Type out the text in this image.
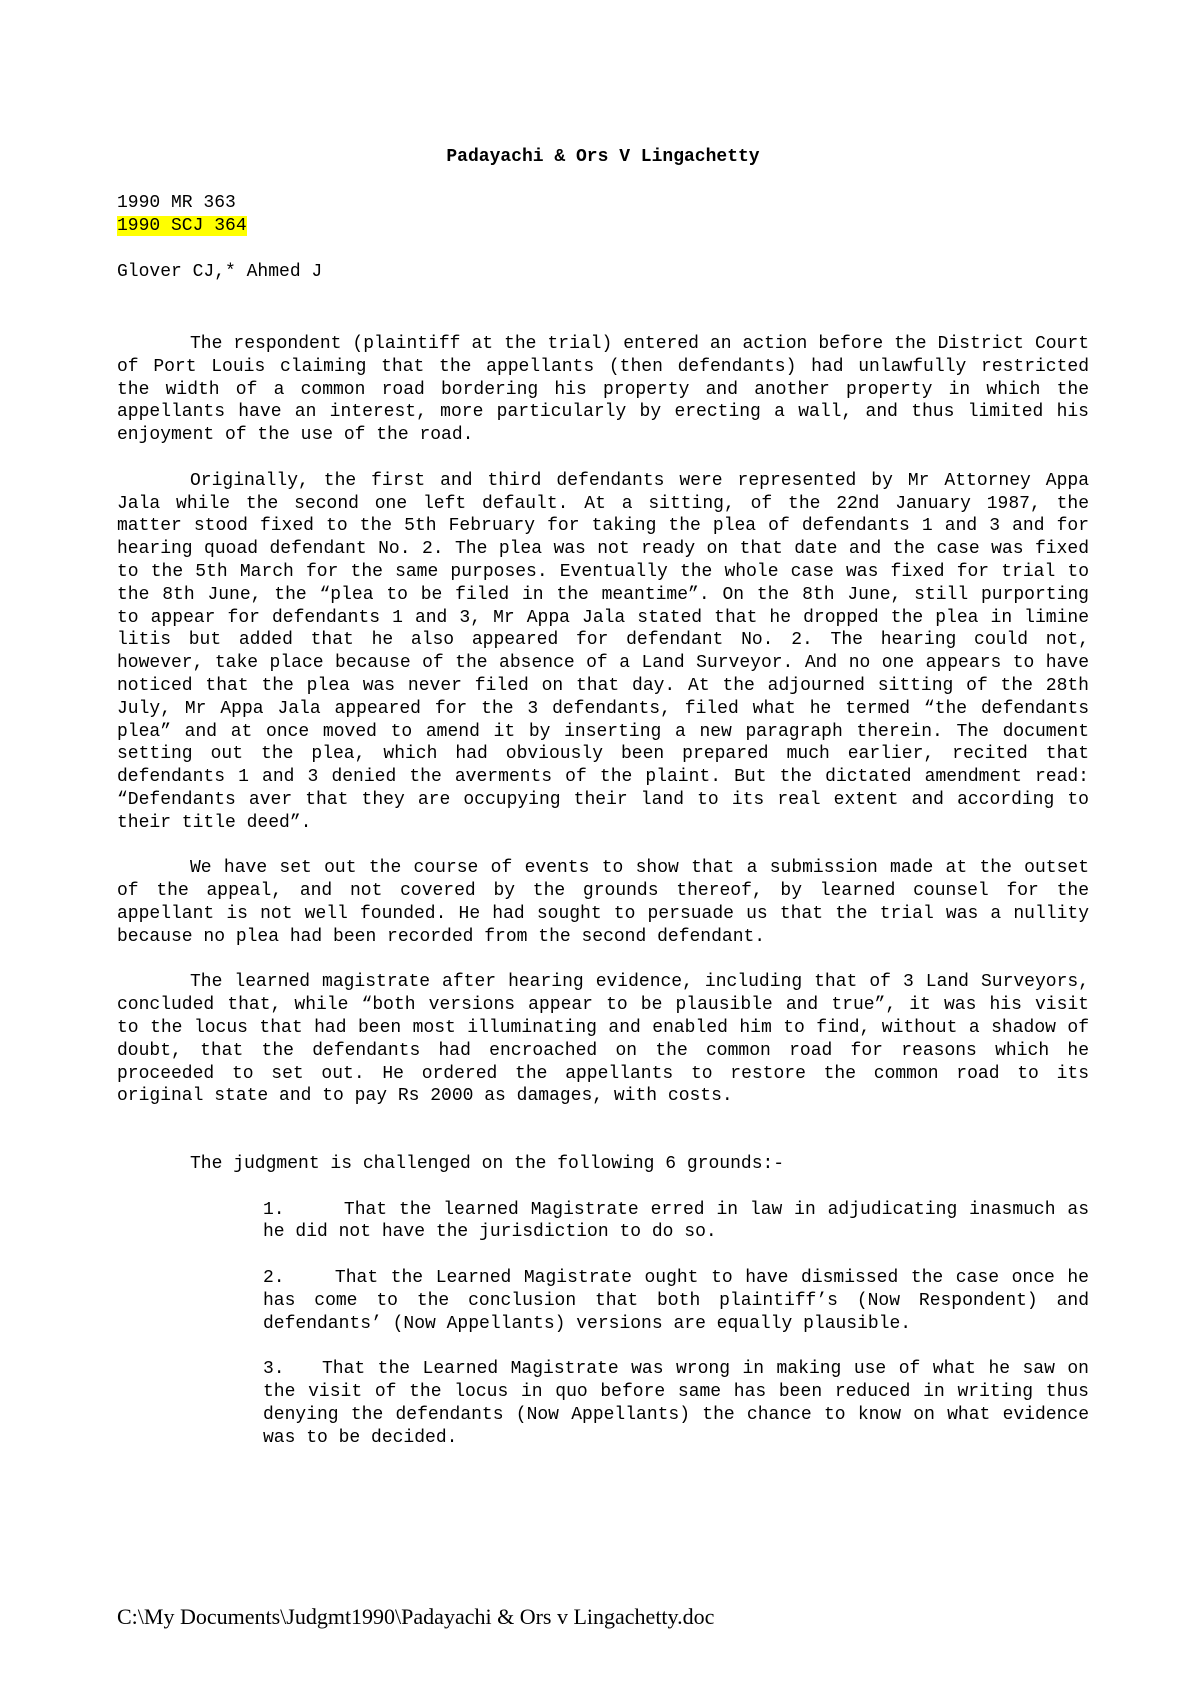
Padayachi & Ors V Lingachetty

1990 MR 363

1990 SCJ 364

Glover CJ,* Ahmed J

The respondent (plaintiff at the trial) entered an action before the District Court of Port Louis claiming that the appellants (then defendants) had unlawfully restricted the width of a common road bordering his property and another property in which the appellants have an interest, more particularly by erecting a wall, and thus limited his enjoyment of the use of the road.

Originally, the first and third defendants were represented by Mr Attorney Appa Jala while the second one left default. At a sitting, of the 22nd January 1987, the matter stood fixed to the 5th February for taking the plea of defendants 1 and 3 and for hearing quoad defendant No. 2. The plea was not ready on that date and the case was fixed to the 5th March for the same purposes. Eventually the whole case was fixed for trial to the 8th June, the “plea to be filed in the meantime”. On the 8th June, still purporting to appear for defendants 1 and 3, Mr Appa Jala stated that he dropped the plea in limine litis but added that he also appeared for defendant No. 2. The hearing could not, however, take place because of the absence of a Land Surveyor. And no one appears to have noticed that the plea was never filed on that day. At the adjourned sitting of the 28th July, Mr Appa Jala appeared for the 3 defendants, filed what he termed “the defendants plea” and at once moved to amend it by inserting a new paragraph therein. The document setting out the plea, which had obviously been prepared much earlier, recited that defendants 1 and 3 denied the averments of the plaint. But the dictated amendment read: “Defendants aver that they are occupying their land to its real extent and according to their title deed”.

We have set out the course of events to show that a submission made at the outset of the appeal, and not covered by the grounds thereof, by learned counsel for the appellant is not well founded. He had sought to persuade us that the trial was a nullity because no plea had been recorded from the second defendant.

The learned magistrate after hearing evidence, including that of 3 Land Surveyors, concluded that, while “both versions appear to be plausible and true”, it was his visit to the locus that had been most illuminating and enabled him to find, without a shadow of doubt, that the defendants had encroached on the common road for reasons which he proceeded to set out. He ordered the appellants to restore the common road to its original state and to pay Rs 2000 as damages, with costs.

The judgment is challenged on the following 6 grounds:-

1.     That the learned Magistrate erred in law in adjudicating inasmuch as he did not have the jurisdiction to do so.

2.    That the Learned Magistrate ought to have dismissed the case once he has come to the conclusion that both plaintiff’s (Now Respondent) and defendants’ (Now Appellants) versions are equally plausible.

3.   That the Learned Magistrate was wrong in making use of what he saw on the visit of the locus in quo before same has been reduced in writing thus denying the defendants (Now Appellants) the chance to know on what evidence was to be decided.

C:\My Documents\Judgmt1990\Padayachi & Ors v Lingachetty.doc
